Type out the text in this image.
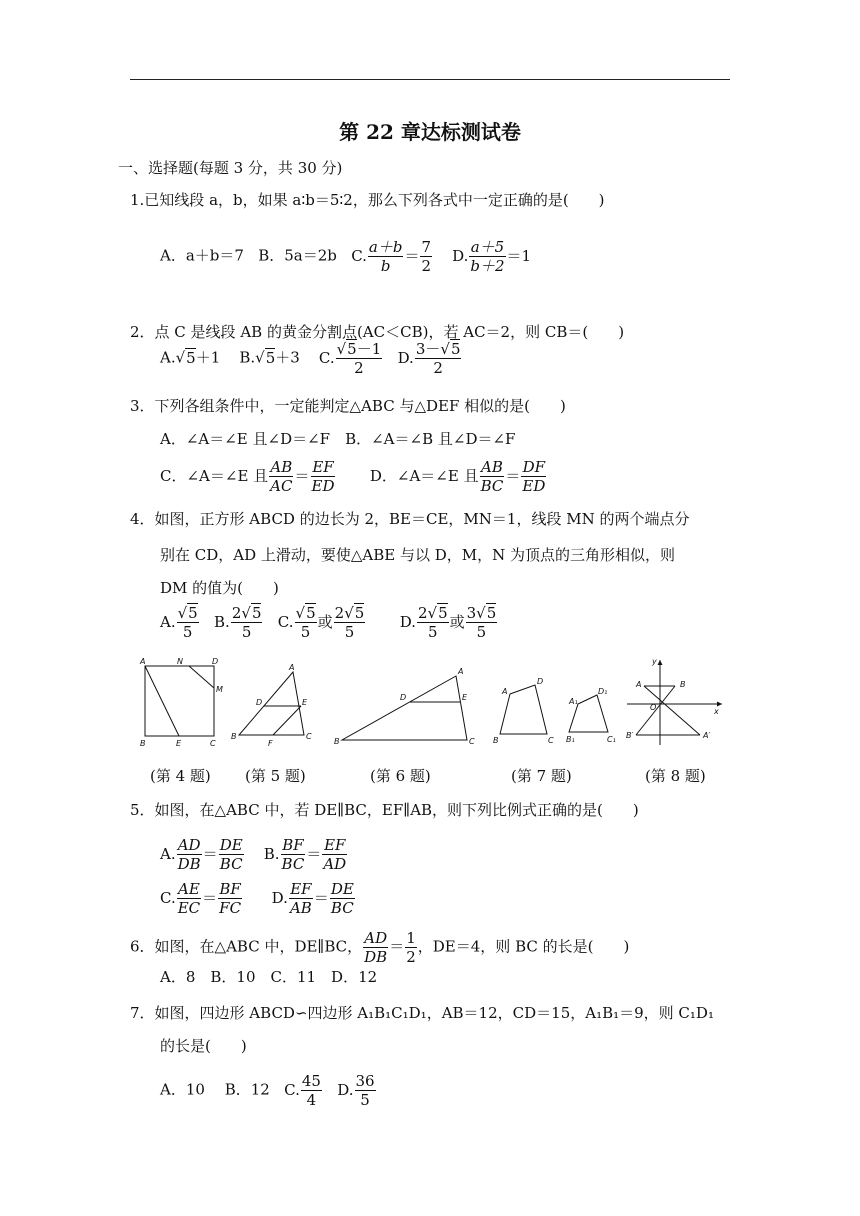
第 22 章达标测试卷
一、选择题(每题 3 分，共 30 分)
1.已知线段 a，b，如果 a∶b＝5∶2，那么下列各式中一定正确的是(　　)
A．a＋b＝7 B．5a＝2b C. $\frac{a+b}{b} = \frac{7}{2} D$. $\frac{a+5}{b+2} =1$
2．点 C 是线段 AB 的黄金分割点(AC＜CB)，若 AC＝2，则 CB＝(　　)
A.√5＋1 B.√5＋3 C. $\frac{√5-1}{2} D$. $\frac{3-√5}{2}$
3．下列各组条件中，一定能判定△ABC 与△DEF 相似的是(　　)
A．∠A＝∠E 且∠D＝∠F　B．∠A＝∠B 且∠D＝∠F
C．∠A＝∠E 且 $\frac{AB}{AC} = \frac{EF}{ED}$ D．∠A＝∠E 且 $\frac{AB}{BC} = \frac{DF}{ED}$
4．如图，正方形 ABCD 的边长为 2，BE＝CE，MN＝1，线段 MN 的两个端点分
别在 CD，AD 上滑动，要使△ABE 与以 D，M，N 为顶点的三角形相似，则
DM 的值为(　　)
A. $\frac{√5}{5} B$. $\frac{2√5}{5} C$. $\frac{√5}{5}$ 或 $\frac{2√5}{5} D$. $\frac{2√5}{5}$ 或 $\frac{3√5}{5}$
A	N	D
M
B	E	C
A
D	E
B
F
C
A
D	E
B	C
A
D
B	C
A₁
D₁
B₁	C₁
y
A	B
O	x
B′	A′
(第 4 题) (第 5 题)	(第 6 题)	(第 7 题)	(第 8 题)
5．如图，在△ABC 中，若 DE∥BC，EF∥AB，则下列比例式正确的是(　　)
A. $\frac{AD}{DB} = \frac{DE}{BC} B$. $\frac{BF}{BC} = \frac{EF}{AD}$
C. $\frac{AE}{EC} = \frac{BF}{FC} D$. $\frac{EF}{AB} = \frac{DE}{BC}$
6．如图，在△ABC 中，DE∥BC， $\frac{AD}{DB} = \frac{1}{2}$ ，DE＝4，则 BC 的长是(　　)
A．8　B．10　C．11　D．12
7．如图，四边形 ABCD∽四边形 A₁B₁C₁D₁，AB＝12，CD＝15，A₁B₁＝9，则 C₁D₁
的长是(　　)
A．10　 B．12 C. $\frac{45}{4} D$. $\frac{36}{5}$
